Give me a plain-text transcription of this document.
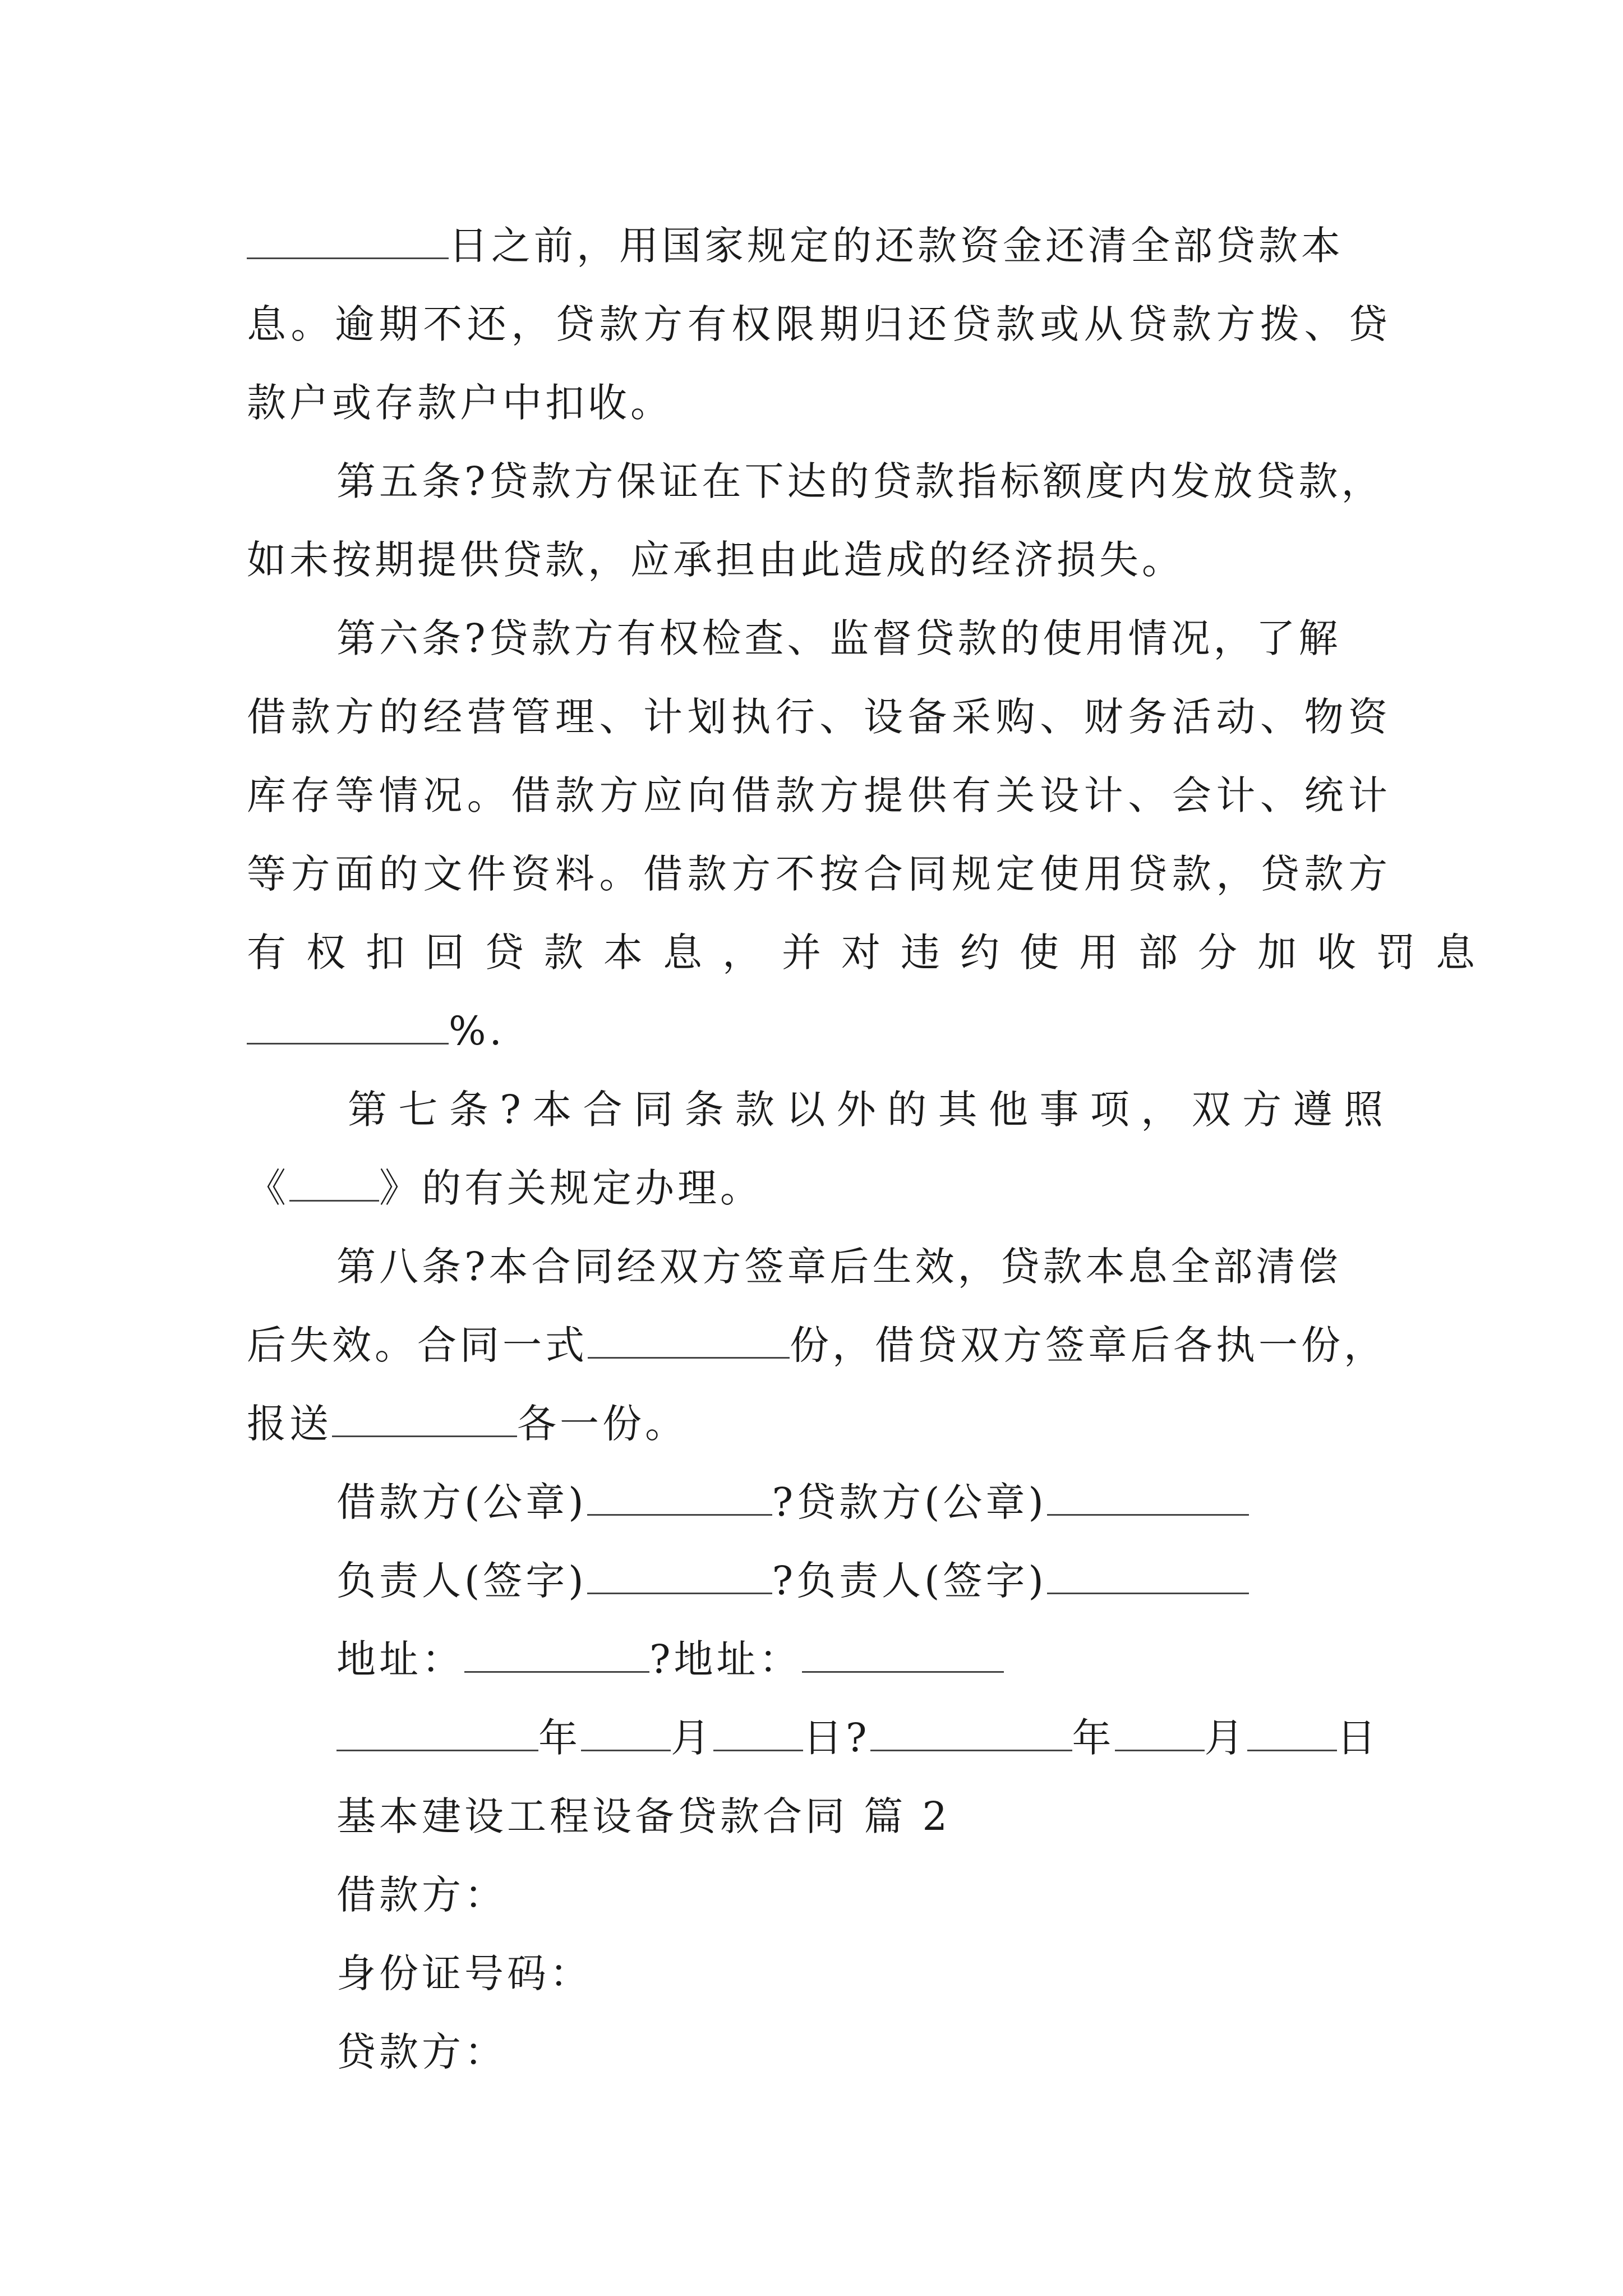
日之前，用国家规定的还款资金还清全部贷款本
息。逾期不还，贷款方有权限期归还贷款或从贷款方拨、贷
款户或存款户中扣收。
第五条?贷款方保证在下达的贷款指标额度内发放贷款，
如未按期提供贷款，应承担由此造成的经济损失。
第六条?贷款方有权检查、监督贷款的使用情况，了解
借款方的经营管理、计划执行、设备采购、财务活动、物资
库存等情况。借款方应向借款方提供有关设计、会计、统计
等方面的文件资料。借款方不按合同规定使用贷款，贷款方
有权扣回贷款本息，并对违约使用部分加收罚息
%.
第七条?本合同条款以外的其他事项，双方遵照
《 》的有关规定办理。
第八条?本合同经双方签章后生效，贷款本息全部清偿
后失效。合同一式	份，借贷双方签章后各执一份，
报送	各一份。
借款方(公章)	?贷款方(公章)
负责人(签字)	?负责人(签字)
地址：	?地址：
年 月 日?	年 月 日
基本建设工程设备贷款合同 篇 2
借款方：
身份证号码：
贷款方：
